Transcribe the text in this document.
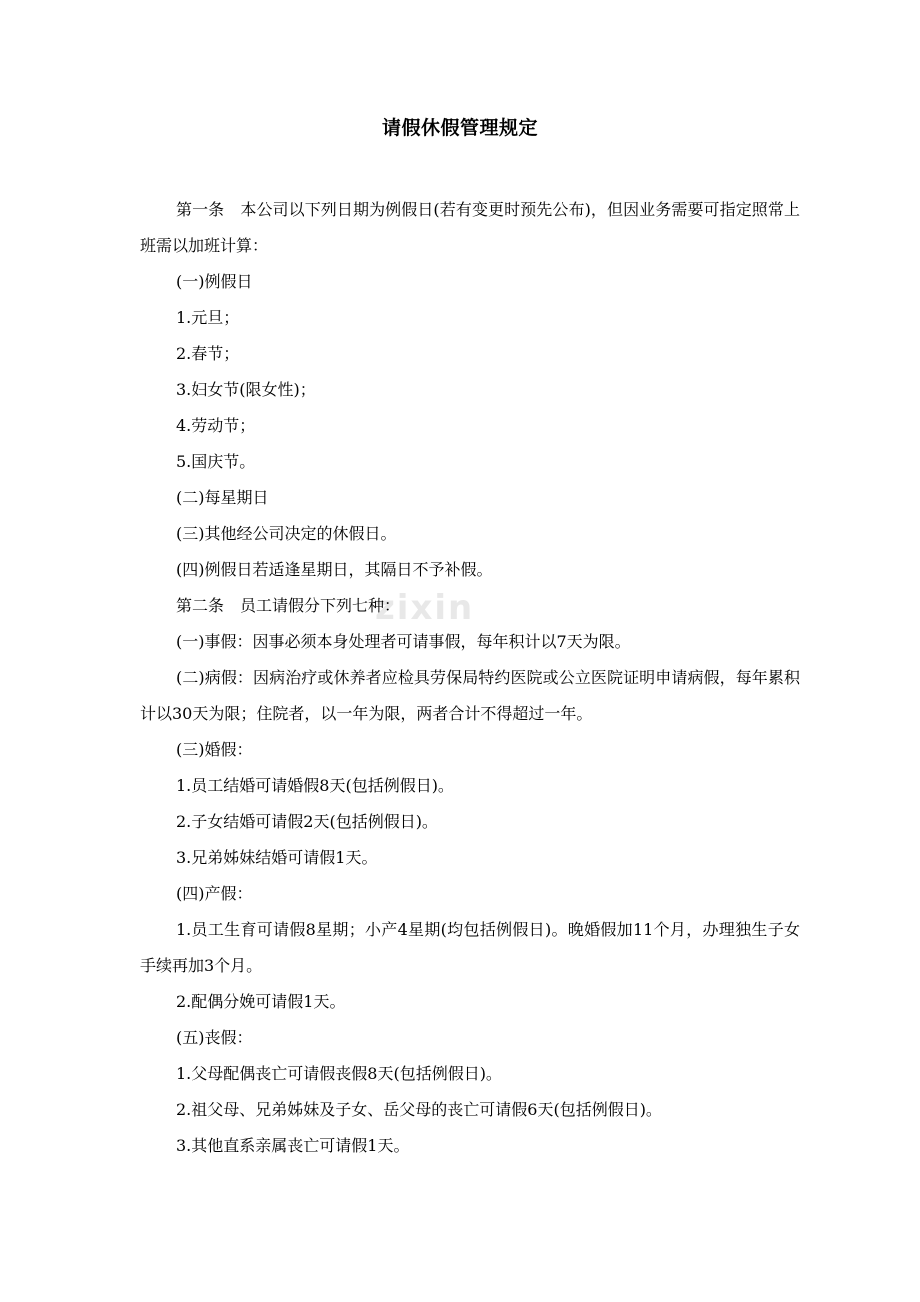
zixin
请假休假管理规定

第一条　本公司以下列日期为例假日(若有变更时预先公布)，但因业务需要可指定照常上班需以加班计算：

(一)例假日

1.元旦；

2.春节；

3.妇女节(限女性)；

4.劳动节；

5.国庆节。

(二)每星期日

(三)其他经公司决定的休假日。

(四)例假日若适逢星期日，其隔日不予补假。

第二条　员工请假分下列七种：

(一)事假：因事必须本身处理者可请事假，每年积计以7天为限。

(二)病假：因病治疗或休养者应检具劳保局特约医院或公立医院证明申请病假，每年累积计以30天为限；住院者，以一年为限，两者合计不得超过一年。

(三)婚假：

1.员工结婚可请婚假8天(包括例假日)。

2.子女结婚可请假2天(包括例假日)。

3.兄弟姊妹结婚可请假1天。

(四)产假：

1.员工生育可请假8星期；小产4星期(均包括例假日)。晚婚假加11个月，办理独生子女手续再加3个月。

2.配偶分娩可请假1天。

(五)丧假：

1.父母配偶丧亡可请假丧假8天(包括例假日)。

2.祖父母、兄弟姊妹及子女、岳父母的丧亡可请假6天(包括例假日)。

3.其他直系亲属丧亡可请假1天。
